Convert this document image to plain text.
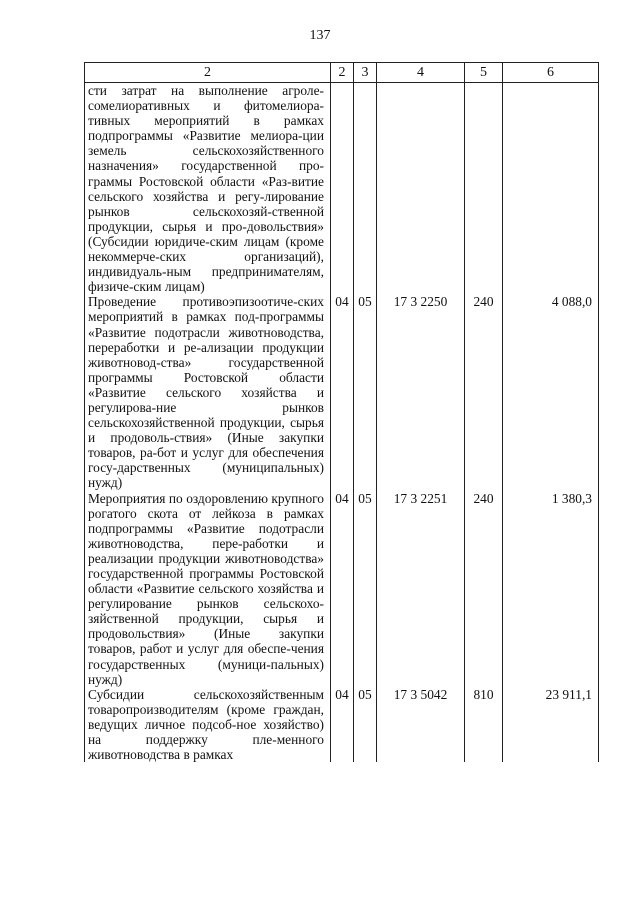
137
2	2	3	4	5	6
сти затрат на выполнение агроле-сомелиоративных и фитомелиора-тивных мероприятий в рамках подпрограммы «Развитие мелиора-ции земель сельскохозяйственного назначения» государственной про-граммы Ростовской области «Раз-витие сельского хозяйства и регу-лирование рынков сельскохозяй-ственной продукции, сырья и про-довольствия» (Субсидии юридиче-ским лицам (кроме некоммерче-ских организаций), индивидуаль-ным предпринимателям, физиче-ским лицам)					
Проведение противоэпизоотиче-ских мероприятий в рамках под-программы «Развитие подотрасли животноводства, переработки и ре-ализации продукции животновод-ства» государственной программы Ростовской области «Развитие сельского хозяйства и регулирова-ние рынков сельскохозяйственной продукции, сырья и продоволь-ствия» (Иные закупки товаров, ра-бот и услуг для обеспечения госу-дарственных (муниципальных) нужд)	04	05	17 3 2250	240	4 088,0
Мероприятия по оздоровлению крупного рогатого скота от лейкоза в рамках подпрограммы «Развитие подотрасли животноводства, пере-работки и реализации продукции животноводства» государственной программы Ростовской области «Развитие сельского хозяйства и регулирование рынков сельскохо-зяйственной продукции, сырья и продовольствия» (Иные закупки товаров, работ и услуг для обеспе-чения государственных (муници-пальных) нужд)	04	05	17 3 2251	240	1 380,3
Субсидии сельскохозяйственным товаропроизводителям (кроме граждан, ведущих личное подсоб-ное хозяйство) на поддержку пле-менного животноводства в рамках	04	05	17 3 5042	810	23 911,1
